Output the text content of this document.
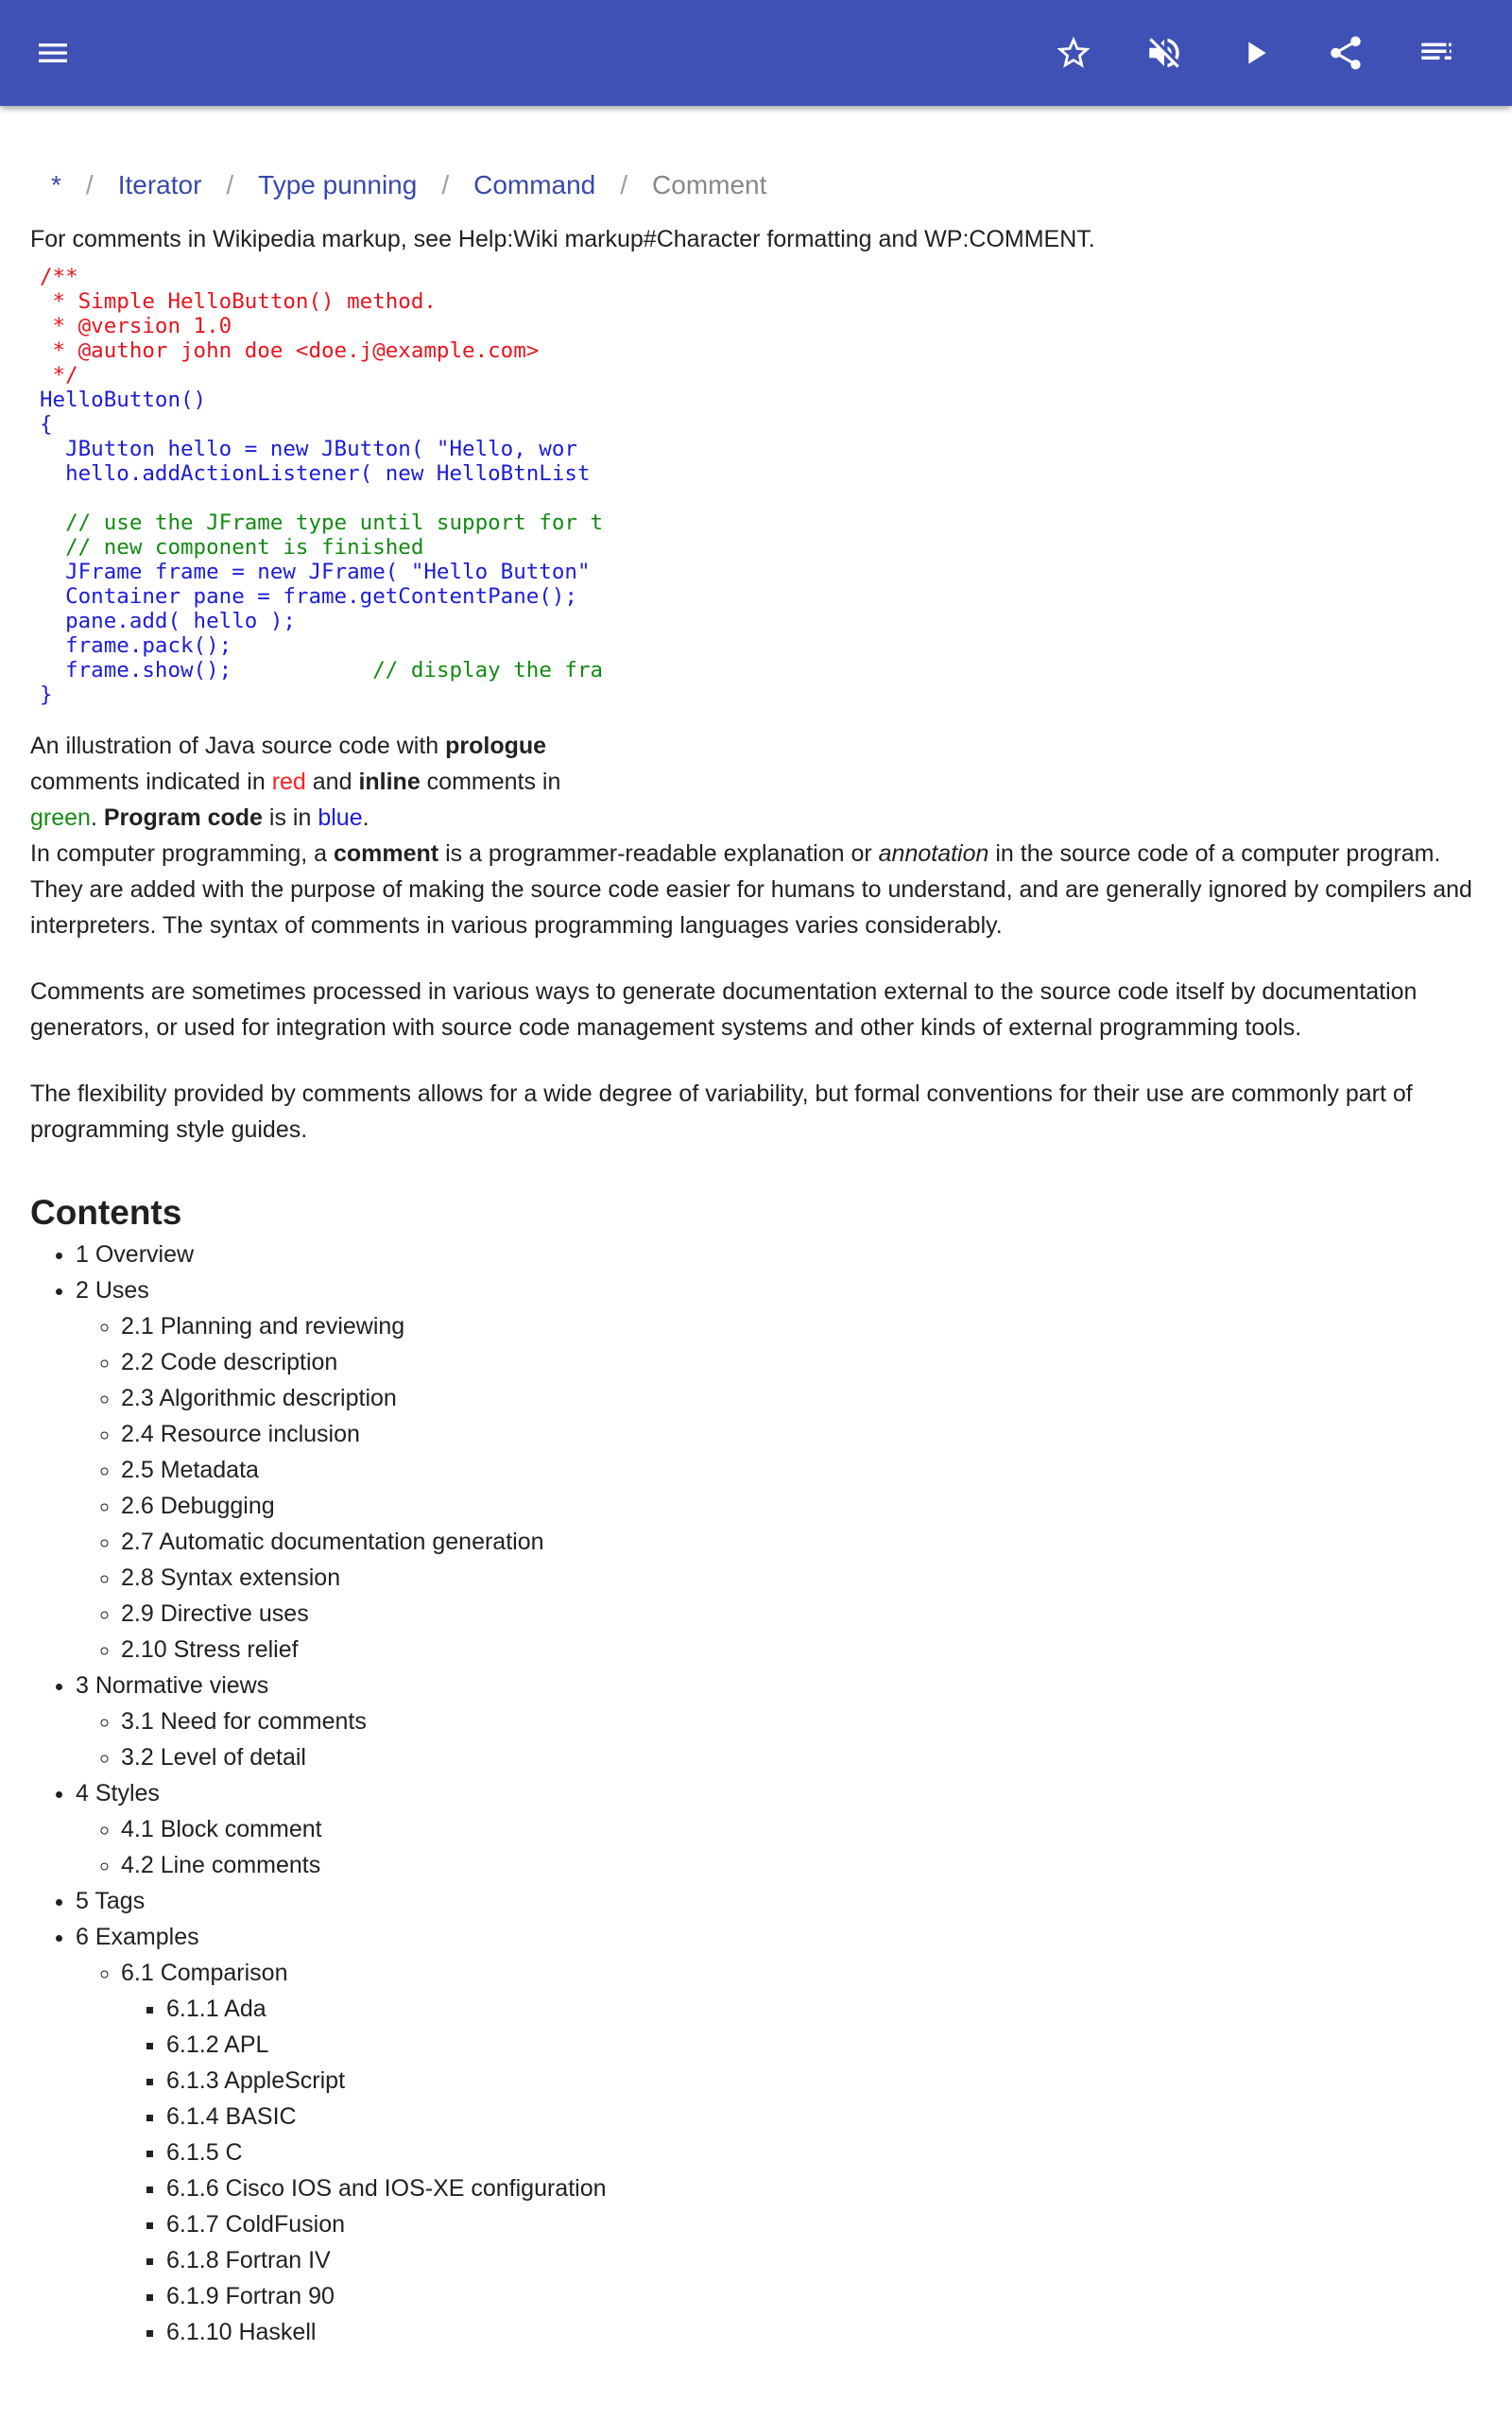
* / Iterator / Type punning / Command / Comment

For comments in Wikipedia markup, see Help:Wiki markup#Character formatting and WP:COMMENT.

/**
* Simple HelloButton() method.
* @version 1.0
* @author john doe <doe.j@example.com>
*/
HelloButton()
{
JButton hello = new JButton( "Hello, wor
hello.addActionListener( new HelloBtnList

// use the JFrame type until support for t
// new component is finished
JFrame frame = new JFrame( "Hello Button"
Container pane = frame.getContentPane();
pane.add( hello );
frame.pack();
frame.show();	// display the fra
}
An illustration of Java source code with prologue comments indicated in red and inline comments in green. Program code is in blue.

In computer programming, a comment is a programmer-readable explanation or annotation in the source code of a computer program. They are added with the purpose of making the source code easier for humans to understand, and are generally ignored by compilers and interpreters. The syntax of comments in various programming languages varies considerably.

Comments are sometimes processed in various ways to generate documentation external to the source code itself by documentation generators, or used for integration with source code management systems and other kinds of external programming tools.

The flexibility provided by comments allows for a wide degree of variability, but formal conventions for their use are commonly part of programming style guides.

Contents
• 1 Overview
• 2 Uses
◦ 2.1 Planning and reviewing
◦ 2.2 Code description
◦ 2.3 Algorithmic description
◦ 2.4 Resource inclusion
◦ 2.5 Metadata
◦ 2.6 Debugging
◦ 2.7 Automatic documentation generation
◦ 2.8 Syntax extension
◦ 2.9 Directive uses
◦ 2.10 Stress relief
• 3 Normative views
◦ 3.1 Need for comments
◦ 3.2 Level of detail
• 4 Styles
◦ 4.1 Block comment
◦ 4.2 Line comments
• 5 Tags
• 6 Examples
◦ 6.1 Comparison
▪ 6.1.1 Ada
▪ 6.1.2 APL
▪ 6.1.3 AppleScript
▪ 6.1.4 BASIC
▪ 6.1.5 C
▪ 6.1.6 Cisco IOS and IOS-XE configuration
▪ 6.1.7 ColdFusion
▪ 6.1.8 Fortran IV
▪ 6.1.9 Fortran 90
▪ 6.1.10 Haskell
